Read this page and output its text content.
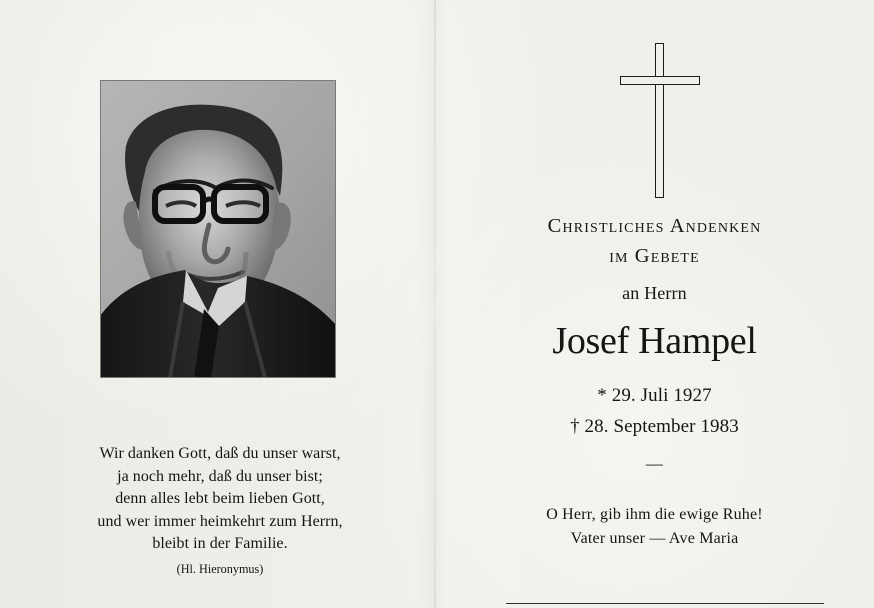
Wir danken Gott, daß du unser warst,
ja noch mehr, daß du unser bist;
denn alles lebt beim lieben Gott,
und wer immer heimkehrt zum Herrn,
bleibt in der Familie.
(Hl. Hieronymus)
Christliches Andenken
im Gebete
an Herrn
Josef Hampel
* 29. Juli 1927
† 28. September 1983
—
O Herr, gib ihm die ewige Ruhe!
Vater unser — Ave Maria
